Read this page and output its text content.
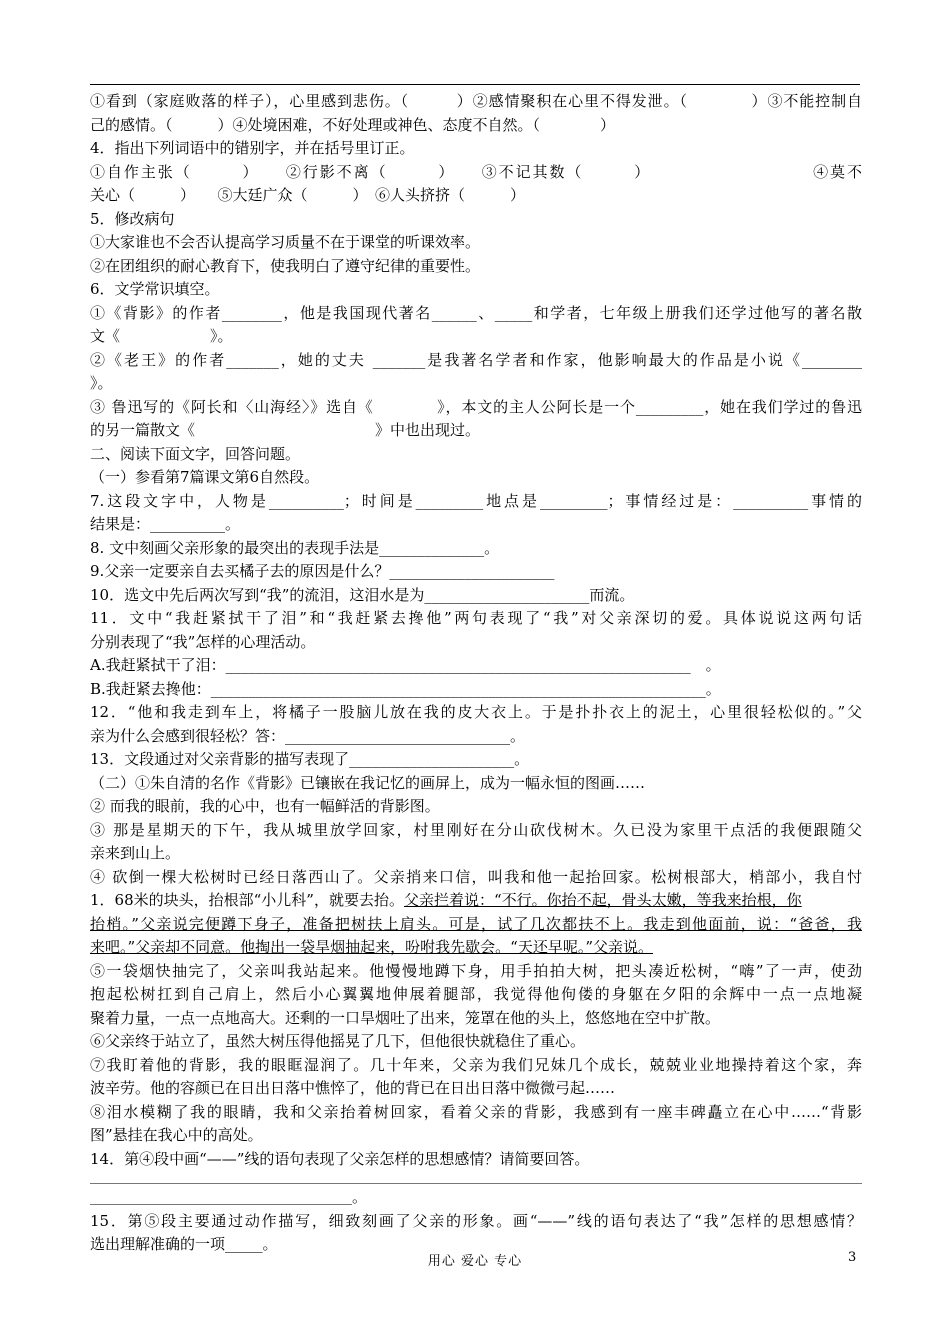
①看到（家庭败落的样子），心里感到悲伤。（　　　）②感情聚积在心里不得发泄。（　　　　）③不能控制自
己的感情。（　　　）④处境困难，不好处理或神色、态度不自然。（　　　　）
4．指出下列词语中的错别字，并在括号里订正。
①自作主张（　　　）　　②行影不离（　　　）　　③不记其数（　　　）　　　　　　　　　　④莫不
关心（　　　）　　⑤大廷广众（　　　）　⑥人头挤挤（　　　）
5．修改病句
①大家谁也不会否认提高学习质量不在于课堂的听课效率。
②在团组织的耐心教育下，使我明白了遵守纪律的重要性。
6．文学常识填空。
①《背影》的作者________，他是我国现代著名______、_____和学者，七年级上册我们还学过他写的著名散
文《　　　　　　》。
②《老王》的作者_______，她的丈夫 _______是我著名学者和作家，他影响最大的作品是小说《________
》。
③ 鲁迅写的《阿长和〈山海经〉》选自《　　　　》，本文的主人公阿长是一个_________，她在我们学过的鲁迅
的另一篇散文《　　　　　　　　　　　　》中也出现过。
二、阅读下面文字，回答问题。
（一）参看第7篇课文第6自然段。
7.这段文字中，人物是__________；时间是_________地点是_________；事情经过是：__________事情的
结果是：__________。
8. 文中刻画父亲形象的最突出的表现手法是______________。
9.父亲一定要亲自去买橘子去的原因是什么？______________________
10．选文中先后两次写到“我”的流泪，这泪水是为______________________而流。
11．文中“我赶紧拭干了泪”和“我赶紧去搀他”两句表现了“我”对父亲深切的爱。具体说说这两句话
分别表现了“我”怎样的心理活动。
A.我赶紧拭干了泪：______________________________________________________________　。
B.我赶紧去搀他：__________________________________________________________________。
12．“他和我走到车上，将橘子一股脑儿放在我的皮大衣上。于是扑扑衣上的泥土，心里很轻松似的。”父
亲为什么会感到很轻松？答：______________________________。
13．文段通过对父亲背影的描写表现了______________________。
（二）①朱自清的名作《背影》已镶嵌在我记忆的画屏上，成为一幅永恒的图画……
② 而我的眼前，我的心中，也有一幅鲜活的背影图。
③ 那是星期天的下午，我从城里放学回家，村里刚好在分山砍伐树木。久已没为家里干点活的我便跟随父
亲来到山上。
④ 砍倒一棵大松树时已经日落西山了。父亲捎来口信，叫我和他一起抬回家。松树根部大，梢部小，我自忖
1．68米的块头，抬根部“小儿科”，就要去抬。父亲拦着说：“不行。你抬不起，骨头太嫩，等我来抬根，你
抬梢。”父亲说完便蹲下身子，准备把树扶上肩头。可是，试了几次都扶不上。我走到他面前，说：“爸爸，我
来吧。”父亲却不同意。他掏出一袋旱烟抽起来，吩咐我先歇会。“天还早呢。”父亲说。
⑤一袋烟快抽完了，父亲叫我站起来。他慢慢地蹲下身，用手拍拍大树，把头凑近松树，“嗨”了一声，使劲
抱起松树扛到自己肩上，然后小心翼翼地伸展着腿部，我觉得他佝偻的身躯在夕阳的余辉中一点一点地凝
聚着力量，一点一点地高大。还剩的一口旱烟吐了出来，笼罩在他的头上，悠悠地在空中扩散。
⑥父亲终于站立了，虽然大树压得他摇晃了几下，但他很快就稳住了重心。
⑦我盯着他的背影，我的眼眶湿润了。几十年来，父亲为我们兄妹几个成长，兢兢业业地操持着这个家，奔
波辛劳。他的容颜已在日出日落中憔悴了，他的背已在日出日落中微微弓起……
⑧泪水模糊了我的眼睛，我和父亲抬着树回家，看着父亲的背影，我感到有一座丰碑矗立在心中……“背影
图”悬挂在我心中的高处。
14．第④段中画“——”线的语句表现了父亲怎样的思想感情？请简要回答。
。
15．第⑤段主要通过动作描写，细致刻画了父亲的形象。画“——”线的语句表达了“我”怎样的思想感情？
选出理解准确的一项_____。
用心 爱心 专心	3
